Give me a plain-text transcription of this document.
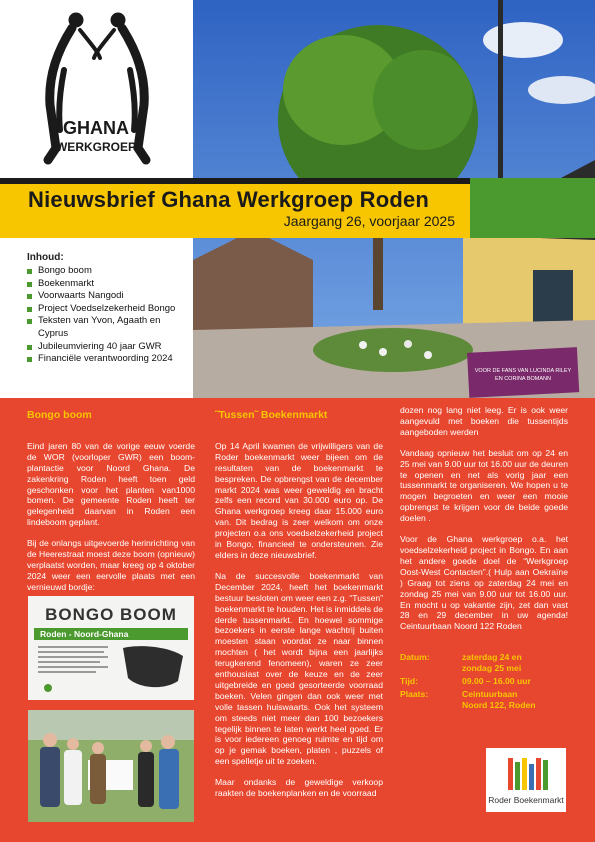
GHANA
WERKGROEP
VOOR DE FANS VAN LUCINDA RILEY
EN CORINA BOMANN
Nieuwsbrief Ghana Werkgroep Roden
Jaargang 26, voorjaar 2025
Inhoud:
Bongo boom
Boekenmarkt
Voorwaarts Nangodi
Project Voedselzekerheid Bongo
Teksten van Yvon, Agaath en Cyprus
Jubileumviering 40 jaar GWR
Financiële verantwoording 2024
Bongo boom

Eind jaren 80 van de vorige eeuw voerde de WOR (voorloper GWR) een boom-plantactie voor Noord Ghana. De zakenkring Roden heeft toen geld geschonken voor het planten van1000 bomen. De gemeente Roden heeft ter gelegenheid daarvan in Roden een lindeboom geplant.

Bij de onlangs uitgevoerde herinrichting van de Heerestraat moest deze boom (opnieuw) verplaatst worden, maar kreeg op 4 oktober 2024 weer een eervolle plaats met een vernieuwd bordje:

BONGO BOOM
Roden - Noord-Ghana
˜Tussen˜ Boekenmarkt

Op 14 April kwamen de vrijwilligers van de Roder boekenmarkt weer bijeen om de resultaten van de boekenmarkt te bespreken. De opbrengst van de december markt 2024 was weer geweldig en bracht zelfs een record van 30.000 euro op. De Ghana werkgroep kreeg daar 15.000 euro van. Dit bedrag is zeer welkom om onze projecten o.a ons voedselzekerheid project in Bongo, financieel te ondersteunen. Zie elders in deze nieuwsbrief.

Na de succesvolle boekenmarkt van December 2024, heeft het boekenmarkt bestuur besloten om weer een z.g. “Tussen” boekenmarkt te houden. Het is inmiddels de derde tussenmarkt. En hoewel sommige bezoekers in eerste lange wachtrij buiten moesten staan voordat ze naar binnen mochten ( het wordt bijna een jaarlijks terugkerend fenomeen), waren ze zeer enthousiast over de keuze en de zeer uitgebreide en goed gesorteerde voorraad boeken. Velen gingen dan ook weer met volle tassen huiswaarts. Ook het systeem om steeds niet meer dan 100 bezoekers tegelijk binnen te laten werkt heel goed. Er is voor iedereen genoeg ruimte en tijd om op je gemak boeken, platen , puzzels of een spelletje uit te zoeken.

Maar ondanks de geweldige verkoop raakten de boekenplanken en de voorraad

dozen nog lang niet leeg. Er is ook weer aangevuld met boeken die tussentijds aangeboden werden

Vandaag opnieuw het besluit om op 24 en 25 mei van 9.00 uur tot 16.00 uur de deuren te openen en net als vorig jaar een tussenmarkt te organiseren. We hopen u te mogen begroeten en weer een mooie opbrengst te krijgen voor de beide goede doelen .

Voor de Ghana werkgroep o.a. het voedselzekerheid project in Bongo. En aan het andere goede doel de “Werkgroep Oost-West Contacten”.( Hulp aan Oekraïne ) Graag tot ziens op zaterdag 24 mei en zondag 25 mei van 9.00 uur tot 16.00 uur. En mocht u op vakantie zijn, zet dan vast 28 en 29 december in uw agenda! Ceintuurbaan Noord 122 Roden

Datum:	zaterdag 24 en
zondag 25 mei
Tijd:	09.00 – 16.00 uur
Plaats:	Ceintuurbaan
Noord 122, Roden
Roder Boekenmarkt
